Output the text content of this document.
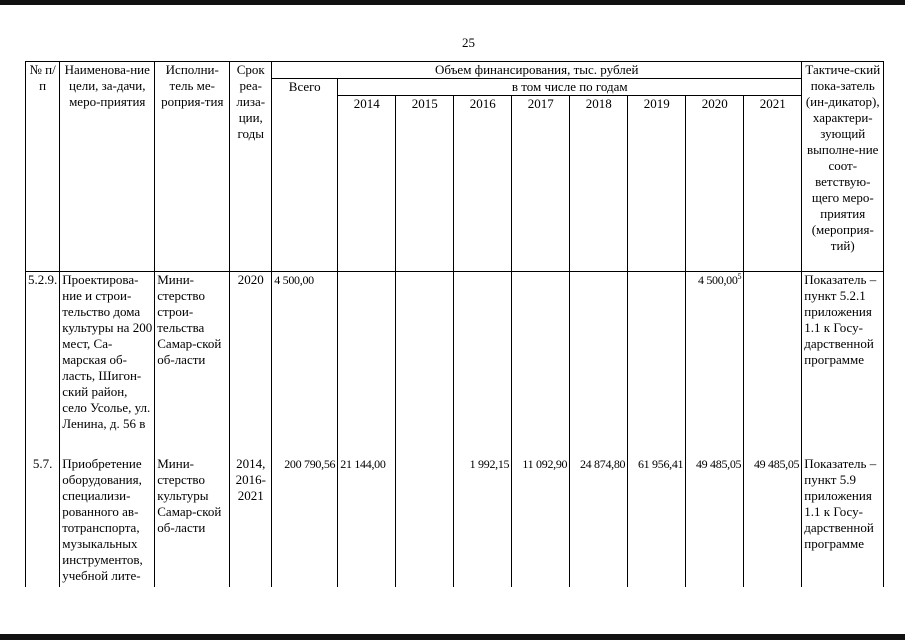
25
№ п/п	Наименова-ние цели, за-дачи, меро-приятия	Исполни-тель ме-роприя-тия	Срок реа-лиза-ции, годы	Объем финансирования, тыс. рублей									Тактиче-ский пока-затель (ин-дикатор), характери-зующий выполне-ние соот-ветствую-щего меро-приятия (мероприя-тий)
				Всего	в том числе по годам								
					2014	2015	2016	2017	2018	2019	2020	2021	
5.2.9.	Проектирова-ние и строи-тельство дома культуры на 200 мест, Са-марская об-ласть, Шигон-ский район, село Усолье, ул. Ленина, д. 56 в	Мини-стерство строи-тельства Самар-ской об-ласти	2020	4 500,00							4 500,00$^5$		Показатель – пункт 5.2.1 приложения 1.1 к Госу-дарственной программе
5.7.	Приобретение оборудования, специализи-рованного ав-тотранспорта, музыкальных инструментов, учебной лите-	Мини-стерство культуры Самар-ской об-ласти	2014, 2016-2021	200 790,56	21 144,00		1 992,15	11 092,90	24 874,80	61 956,41	49 485,05	49 485,05	Показатель – пункт 5.9 приложения 1.1 к Госу-дарственной программе
